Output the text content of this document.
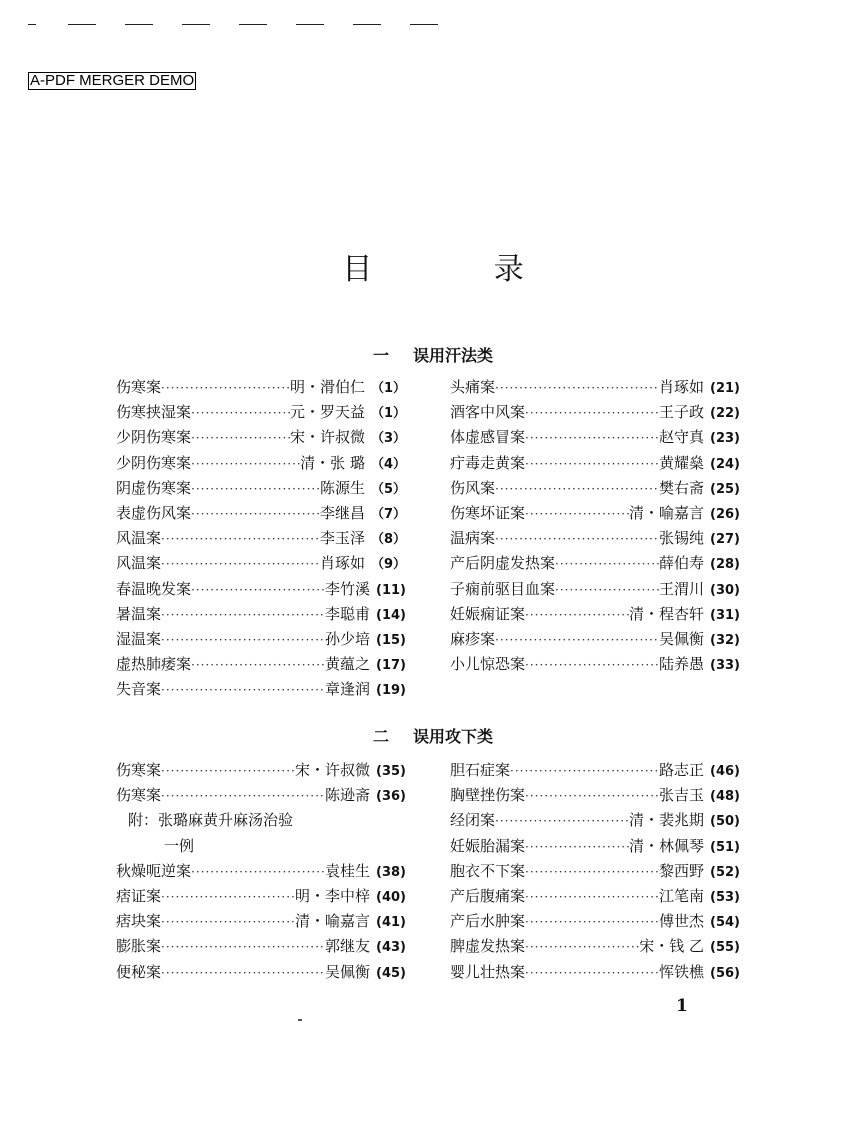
A-PDF MERGER DEMO
目 录
一 误用汗法类
伤寒案 ·····	明・滑伯仁 （1）
伤寒挟湿案 ·····	元・罗天益 （1）
少阴伤寒案 ·····	宋・许叔微 （3）
少阴伤寒案 ·····	清・张 璐 （4）
阴虚伤寒案 ·····	陈源生 （5）
表虚伤风案 ·····	李继昌 （7）
风温案 ·····	李玉泽 （8）
风温案 ·····	肖琢如 （9）
春温晚发案 ·····	李竹溪 (11)
暑温案 ·····	李聪甫 (14)
湿温案 ·····	孙少培 (15)
虚热肺痿案 ·····	黄蕴之 (17)
失音案 ·····	章逢润 (19)
头痛案 ·····	肖琢如 (21)
酒客中风案 ·····	王子政 (22)
体虚感冒案 ·····	赵守真 (23)
疔毒走黄案 ·····	黄耀燊 (24)
伤风案 ·····	樊右斋 (25)
伤寒坏证案 ·····	清・喻嘉言 (26)
温病案 ·····	张锡纯 (27)
产后阴虚发热案 ·····	薛伯寿 (28)
子痫前驱目血案 ·····	王渭川 (30)
妊娠痫证案 ·····	清・程杏轩 (31)
麻疹案 ·····	吴佩衡 (32)
小儿惊恐案 ·····	陆养愚 (33)
二 误用攻下类
伤寒案 ·····	宋・许叔微 (35)
伤寒案 ·····	陈逊斋 (36)
附：张璐麻黄升麻汤治验
一例
秋燥呃逆案 ·····	袁桂生 (38)
痞证案 ·····	明・李中梓 (40)
痞块案 ·····	清・喻嘉言 (41)
膨胀案 ·····	郭继友 (43)
便秘案 ·····	吴佩衡 (45)
胆石症案 ·····	路志正 (46)
胸壁挫伤案 ·····	张吉玉 (48)
经闭案 ·····	清・裴兆期 (50)
妊娠胎漏案 ·····	清・林佩琴 (51)
胞衣不下案 ·····	黎西野 (52)
产后腹痛案 ·····	江笔南 (53)
产后水肿案 ·····	傅世杰 (54)
脾虚发热案 ·····	宋・钱 乙 (55)
婴儿壮热案 ·····	恽铁樵 (56)
1
